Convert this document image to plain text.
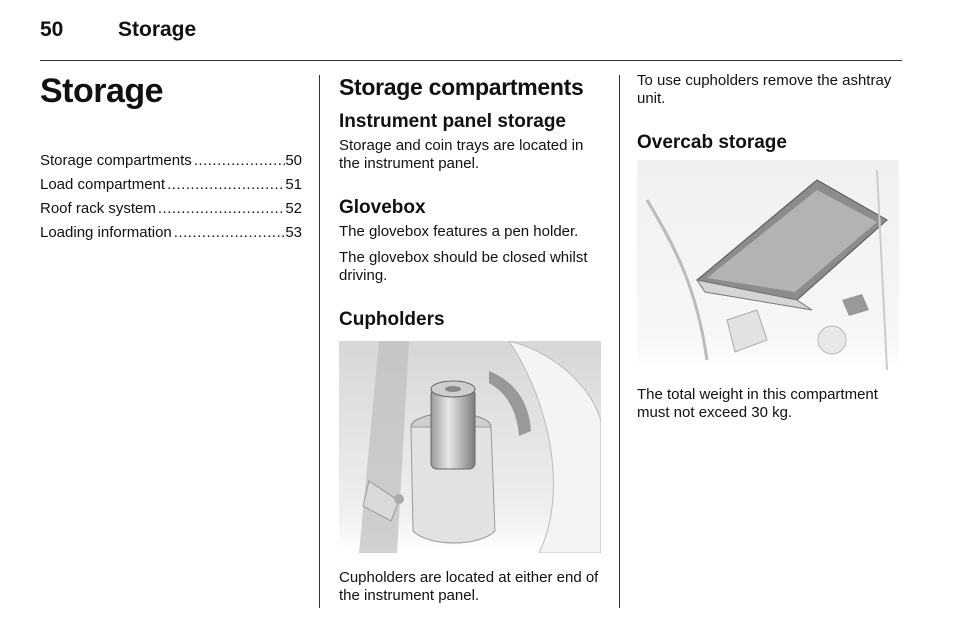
50	Storage
Storage
Storage compartments .....	50
Load compartment .....	51
Roof rack system .....	52
Loading information .....	53
Storage compartments
Instrument panel storage

Storage and coin trays are located in the instrument panel.

Glovebox

The glovebox features a pen holder.

The glovebox should be closed whilst driving.

Cupholders

Cupholders are located at either end of the instrument panel.

To use cupholders remove the ashtray unit.

Overcab storage

The total weight in this compartment must not exceed 30 kg.
